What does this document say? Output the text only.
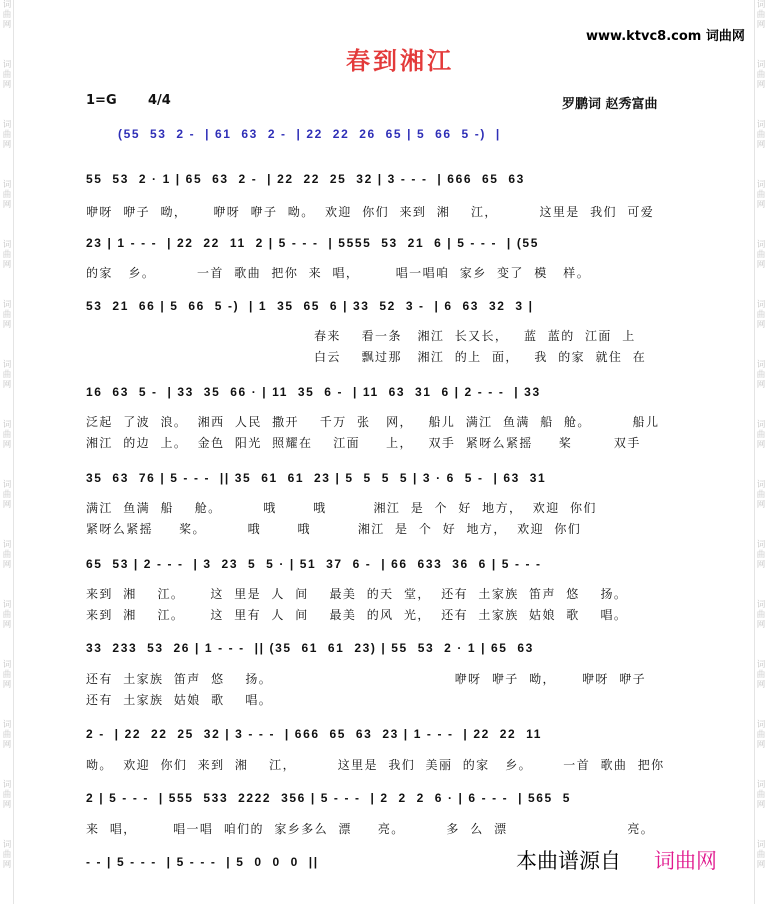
词
曲
网
词
曲
网
词
曲
网
词
曲
网
词
曲
网
词
曲
网
词
曲
网
词
曲
网
词
曲
网
词
曲
网
词
曲
网
词
曲
网
词
曲
网
词
曲
网
词
曲
网
词
曲
网
词
曲
网
词
曲
网
词
曲
网
词
曲
网
词
曲
网
词
曲
网
词
曲
网
词
曲
网
词
曲
网
词
曲
网
词
曲
网
词
曲
网
词
曲
网
词
曲
网
www.ktvc8.com 词曲网
春到湘江
1=G 4/4	罗鹏词 赵秀富曲
(55  53  2 -  | 61  63  2 -  | 22  22  26  65 | 5  66  5 -)  |
55  53  2 · 1 | 65  63  2 -  | 22  22  25  32 | 3 - - -  | 666  65  63
咿呀  咿子  呦，     咿呀  咿子  呦。  欢迎  你们  来到  湘    江，        这里是  我们  可爱
23 | 1 - - -  | 22  22  11  2 | 5 - - -  | 5555  53  21  6 | 5 - - -  | (55
的家   乡。        一首  歌曲  把你  来  唱，       唱一唱咱  家乡  变了  模   样。
53  21  66 | 5  66  5 -)  | 1  35  65  6 | 33  52  3 -  | 6  63  32  3 |
春来    看一条   湘江  长又长，   蓝  蓝的  江面  上
白云    飘过那   湘江  的上  面，   我  的家  就住  在
16  63  5 -  | 33  35  66 · | 11  35  6 -  | 11  63  31  6 | 2 - - -  | 33
泛起  了波  浪。  湘西  人民  撒开    千万  张   网，   船儿  满江  鱼满  船  舱。        船儿
湘江  的边  上。  金色  阳光  照耀在    江面     上，   双手  紧呀么紧摇     桨        双手
35  63  76 | 5 - - -  || 35  61  61  23 | 5  5  5  5 | 3 · 6  5 -  | 63  31
满江  鱼满  船    舱。        哦       哦         湘江  是  个  好  地方，  欢迎  你们
紧呀么紧摇     桨。        哦       哦         湘江  是  个  好  地方，  欢迎  你们
65  53 | 2 - - -  | 3  23  5  5 · | 51  37  6 -  | 66  633  36  6 | 5 - - -
来到  湘    江。     这  里是  人  间    最美  的天  堂，  还有  土家族  笛声  悠    扬。
来到  湘    江。     这  里有  人  间    最美  的风  光，  还有  土家族  姑娘  歌    唱。
33  233  53  26 | 1 - - -  || (35  61  61  23) | 55  53  2 · 1 | 65  63
还有  土家族  笛声  悠    扬。                                   咿呀  咿子  呦，     咿呀  咿子
还有  土家族  姑娘  歌    唱。
2 -  | 22  22  25  32 | 3 - - -  | 666  65  63  23 | 1 - - -  | 22  22  11
呦。  欢迎  你们  来到  湘    江，        这里是  我们  美丽  的家   乡。      一首  歌曲  把你
2 | 5 - - -  | 555  533  2222  356 | 5 - - -  | 2  2  2  6 · | 6 - - -  | 565  5
来  唱，       唱一唱  咱们的  家乡多么  漂     亮。        多  么  漂                       亮。
- - | 5 - - -  | 5 - - -  | 5  0  0  0  ||	本曲谱源自 词曲网
